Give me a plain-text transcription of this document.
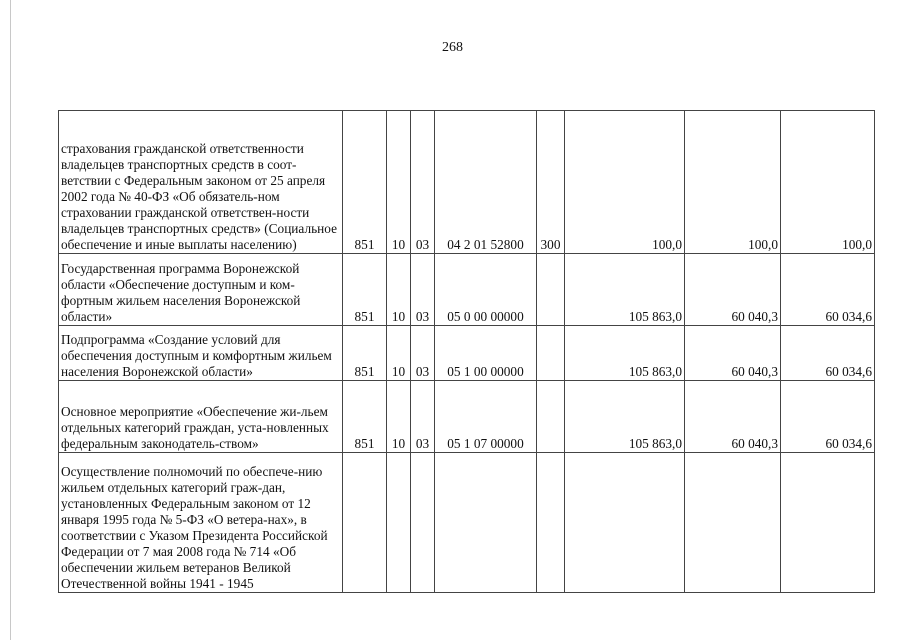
268
страхования гражданской ответственности владельцев транспортных средств в соот-ветствии с Федеральным законом от 25 апреля 2002 года № 40-ФЗ «Об обязатель-ном страховании гражданской ответствен-ности владельцев транспортных средств» (Социальное обеспечение и иные выплаты населению)	851	10	03	04 2 01 52800	300	100,0	100,0	100,0
Государственная программа Воронежской области «Обеспечение доступным и ком-фортным жильем населения Воронежской области»	851	10	03	05 0 00 00000		105 863,0	60 040,3	60 034,6
Подпрограмма «Создание условий для обеспечения доступным и комфортным жильем населения Воронежской области»	851	10	03	05 1 00 00000		105 863,0	60 040,3	60 034,6
Основное мероприятие «Обеспечение жи-льем отдельных категорий граждан, уста-новленных федеральным законодатель-ством»	851	10	03	05 1 07 00000		105 863,0	60 040,3	60 034,6
Осуществление полномочий по обеспече-нию жильем отдельных категорий граж-дан, установленных Федеральным законом от 12 января 1995 года № 5-ФЗ «О ветера-нах», в соответствии с Указом Президента Российской Федерации от 7 мая 2008 года № 714 «Об обеспечении жильем ветеранов Великой Отечественной войны 1941 - 1945								
